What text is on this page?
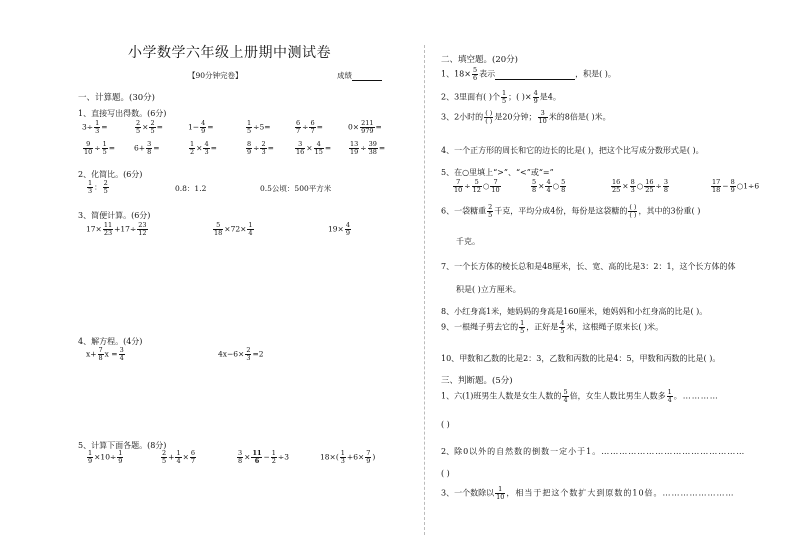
小学数学六年级上册期中测试卷
【90分钟完卷】	成绩
一、计算题。(30分)
1、直接写出得数。(6分)
$3\div \frac{1}{3}$ =	$\frac{2}{5} \times \frac{2}{5}$ =	$1- \frac{4}{9}$ =	$\frac{1}{5} \div 5=$	$\frac{6}{7} \div \frac{6}{7}$ =	$0\times \frac{211}{979}$ =
$\frac{9}{10} \div \frac{1}{5}$ =	$6+ \frac{3}{8}$ =	$\frac{1}{2} \times \frac{4}{3}$ =	$\frac{8}{9} \div \frac{2}{3}$ =	$\frac{3}{16} \times \frac{4}{15}$ =	$\frac{13}{19} \div \frac{39}{38}$ =
2、化简比。(6分)
$\frac{1}{3}$ ： $\frac{2}{5}$	0.8：1.2	0.5公顷：500平方米
3、简便计算。(6分)
$17\times \frac{11}{23} +17\div \frac{23}{12}$	$\frac{5}{18} \times 72\times \frac{1}{4}$	$19\times \frac{4}{9}$
4、解方程。(4分)
$x+ \frac{7}{8}$ $x = \frac{3}{4}$	$4x-6\times \frac{2}{3} =2$
5、计算下面各题。(8分)
$\frac{1}{9} \times 10\div \frac{1}{9}$	$\frac{2}{5} + \frac{1}{4} \times \frac{6}{7}$	$\frac{3}{8} \times \frac{11}{6} - \frac{1}{2} \div 3$	$18\times( \frac{1}{3} +6\times \frac{7}{9}$ )
二、填空题。(20分)
1、$18\times \frac{5}{6}$ 表示	，积是( )。
2、3里面有( )个 $\frac{1}{5}$ ；( )× $\frac{4}{9}$ 是4。
3、2小时的 $\frac{( )}{( )}$ 是20分钟； $\frac{3}{10}$ 米的8倍是( )米。
4、一个正方形的周长和它的边长的比是( )，把这个比写成分数形式是( )。
5、在○里填上“>”、“<”或“=”
$\frac{7}{10} \div \frac{5}{12}$ ○ $\frac{7}{10}$	$\frac{5}{8} \times \frac{4}{4}$ ○ $\frac{5}{8}$	$\frac{16}{25} \times \frac{8}{3}$ ○ $\frac{16}{25} \div \frac{3}{8}$	$\frac{17}{18} - \frac{8}{9}$ ○1÷6
6、一袋糖重 $\frac{2}{5}$ 千克，平均分成4份，每份是这袋糖的 $\frac{( )}{( )}$ ，其中的3份重( )
千克。
7、一个长方体的棱长总和是48厘米，长、宽、高的比是3：2：1，这个长方体的体
积是( )立方厘米。
8、小红身高1米，她妈妈的身高是160厘米，她妈妈和小红身高的比是( )。
9、一根绳子剪去它的 $\frac{1}{5}$ ，正好是 $\frac{4}{5}$ 米，这根绳子原来长( )米。
10、甲数和乙数的比是2：3，乙数和丙数的比是4：5，甲数和丙数的比是( )。
三、判断题。(5分)
1、六(1)班男生人数是女生人数的 $\frac{5}{4}$ 倍，女生人数比男生人数多 $\frac{1}{4}$ 。…………
( )
2、除0以外的自然数的倒数一定小于1。…………………………………………
( )
3、一个数除以 $\frac{1}{10}$ ，相当于把这个数扩大到原数的10倍。……………………
